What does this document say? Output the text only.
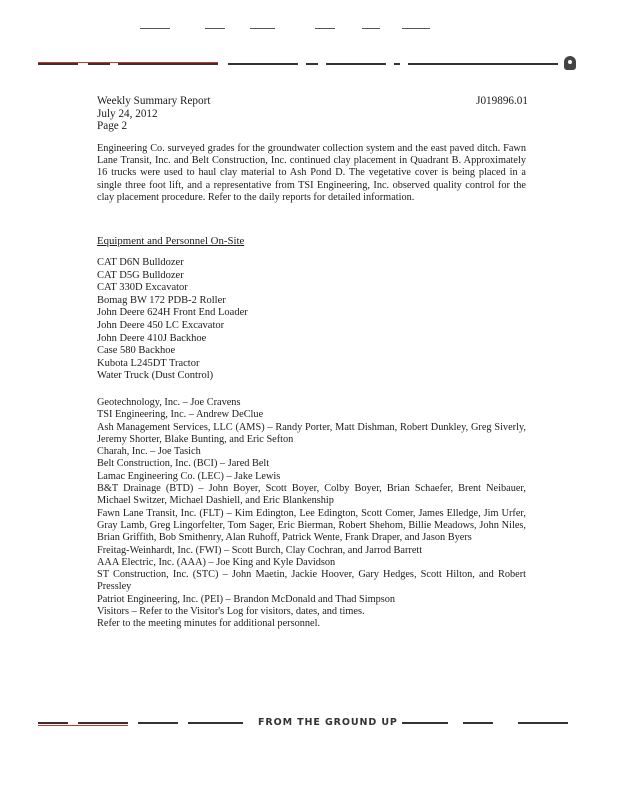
Weekly Summary Report
July 24, 2012
Page 2
J019896.01

Engineering Co. surveyed grades for the groundwater collection system and the east paved ditch. Fawn Lane Transit, Inc. and Belt Construction, Inc. continued clay placement in Quadrant B. Approximately 16 trucks were used to haul clay material to Ash Pond D. The vegetative cover is being placed in a single three foot lift, and a representative from TSI Engineering, Inc. observed quality control for the clay placement procedure. Refer to the daily reports for detailed information.

Equipment and Personnel On-Site
CAT D6N Bulldozer
CAT D5G Bulldozer
CAT 330D Excavator
Bomag BW 172 PDB-2 Roller
John Deere 624H Front End Loader
John Deere 450 LC Excavator
John Deere 410J Backhoe
Case 580 Backhoe
Kubota L245DT Tractor
Water Truck (Dust Control)
Geotechnology, Inc. – Joe Cravens
TSI Engineering, Inc. – Andrew DeClue
Ash Management Services, LLC (AMS) – Randy Porter, Matt Dishman, Robert Dunkley, Greg Siverly, Jeremy Shorter, Blake Bunting, and Eric Sefton
Charah, Inc. – Joe Tasich
Belt Construction, Inc. (BCI) – Jared Belt
Lamac Engineering Co. (LEC) – Jake Lewis
B&T Drainage (BTD) – John Boyer, Scott Boyer, Colby Boyer, Brian Schaefer, Brent Neibauer, Michael Switzer, Michael Dashiell, and Eric Blankenship
Fawn Lane Transit, Inc. (FLT) – Kim Edington, Lee Edington, Scott Comer, James Elledge, Jim Urfer, Gray Lamb, Greg Lingorfelter, Tom Sager, Eric Bierman, Robert Shehom, Billie Meadows, John Niles, Brian Griffith, Bob Smithenry, Alan Ruhoff, Patrick Wente, Frank Draper, and Jason Byers
Freitag-Weinhardt, Inc. (FWI) – Scott Burch, Clay Cochran, and Jarrod Barrett
AAA Electric, Inc. (AAA) – Joe King and Kyle Davidson
ST Construction, Inc. (STC) – John Maetin, Jackie Hoover, Gary Hedges, Scott Hilton, and Robert Pressley
Patriot Engineering, Inc. (PEI) – Brandon McDonald and Thad Simpson
Visitors – Refer to the Visitor's Log for visitors, dates, and times.
Refer to the meeting minutes for additional personnel.
FROM THE GROUND UP
